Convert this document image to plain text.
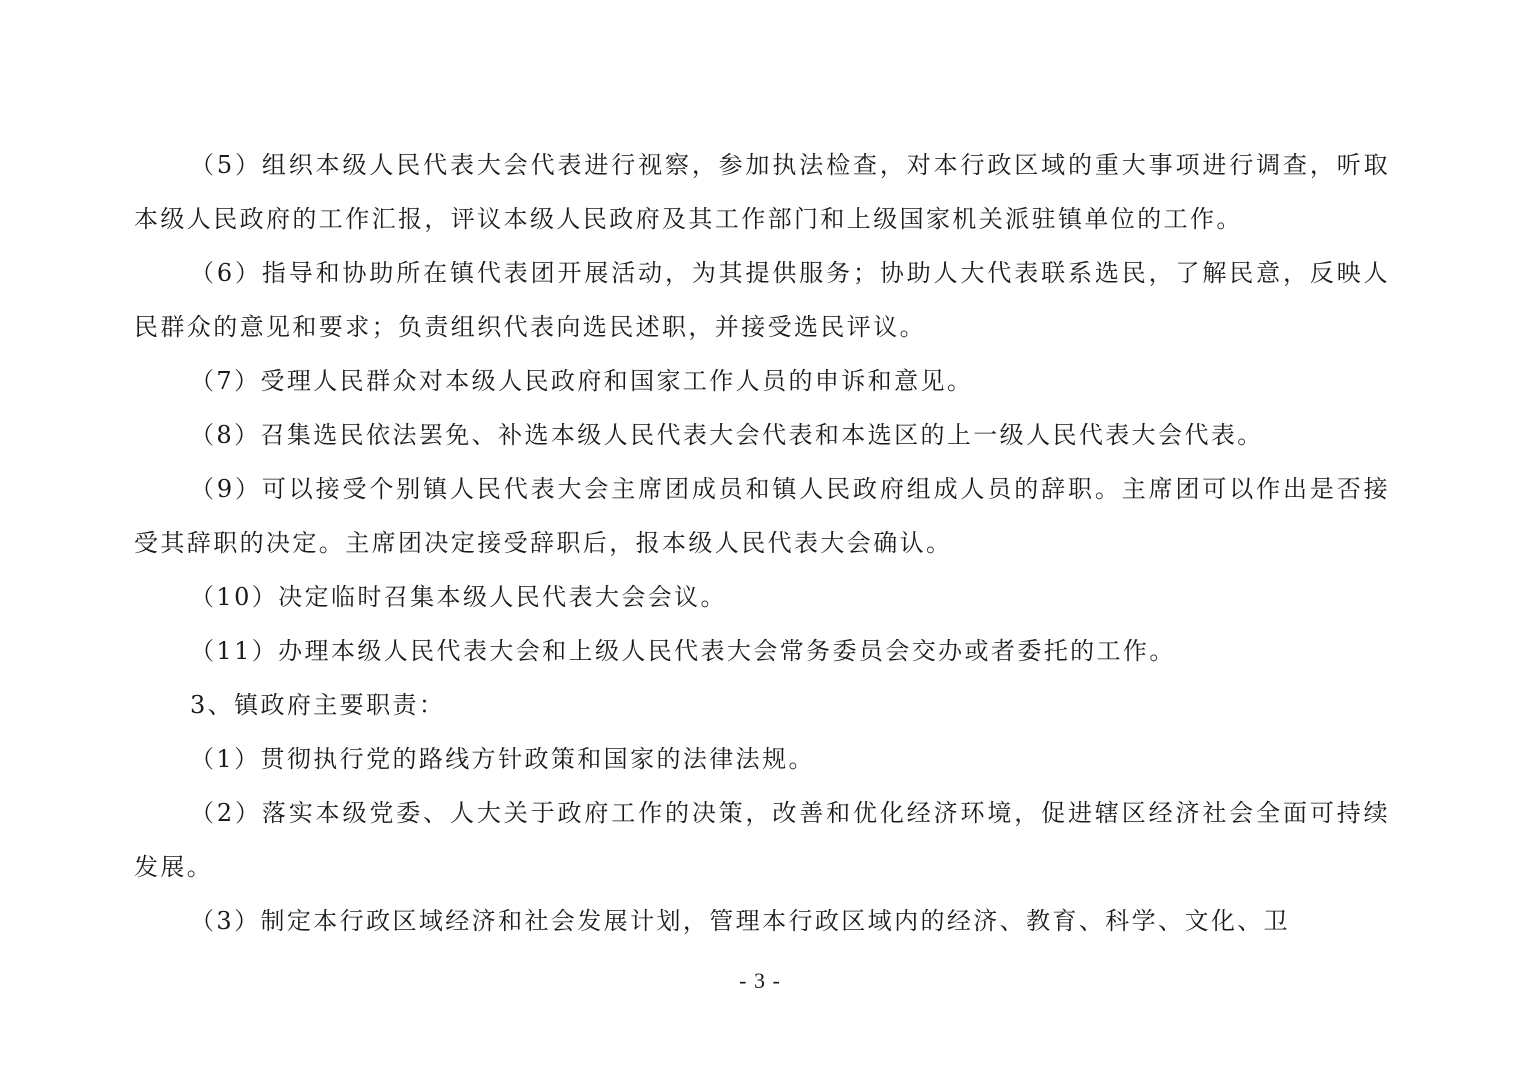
（5）组织本级人民代表大会代表进行视察，参加执法检查，对本行政区域的重大事项进行调查，听取本级人民政府的工作汇报，评议本级人民政府及其工作部门和上级国家机关派驻镇单位的工作。

（6）指导和协助所在镇代表团开展活动，为其提供服务；协助人大代表联系选民，了解民意，反映人民群众的意见和要求；负责组织代表向选民述职，并接受选民评议。

（7）受理人民群众对本级人民政府和国家工作人员的申诉和意见。

（8）召集选民依法罢免、补选本级人民代表大会代表和本选区的上一级人民代表大会代表。

（9）可以接受个别镇人民代表大会主席团成员和镇人民政府组成人员的辞职。主席团可以作出是否接受其辞职的决定。主席团决定接受辞职后，报本级人民代表大会确认。

（10）决定临时召集本级人民代表大会会议。

（11）办理本级人民代表大会和上级人民代表大会常务委员会交办或者委托的工作。

3、镇政府主要职责：

（1）贯彻执行党的路线方针政策和国家的法律法规。

（2）落实本级党委、人大关于政府工作的决策，改善和优化经济环境，促进辖区经济社会全面可持续发展。

（3）制定本行政区域经济和社会发展计划，管理本行政区域内的经济、教育、科学、文化、卫

- 3 -
